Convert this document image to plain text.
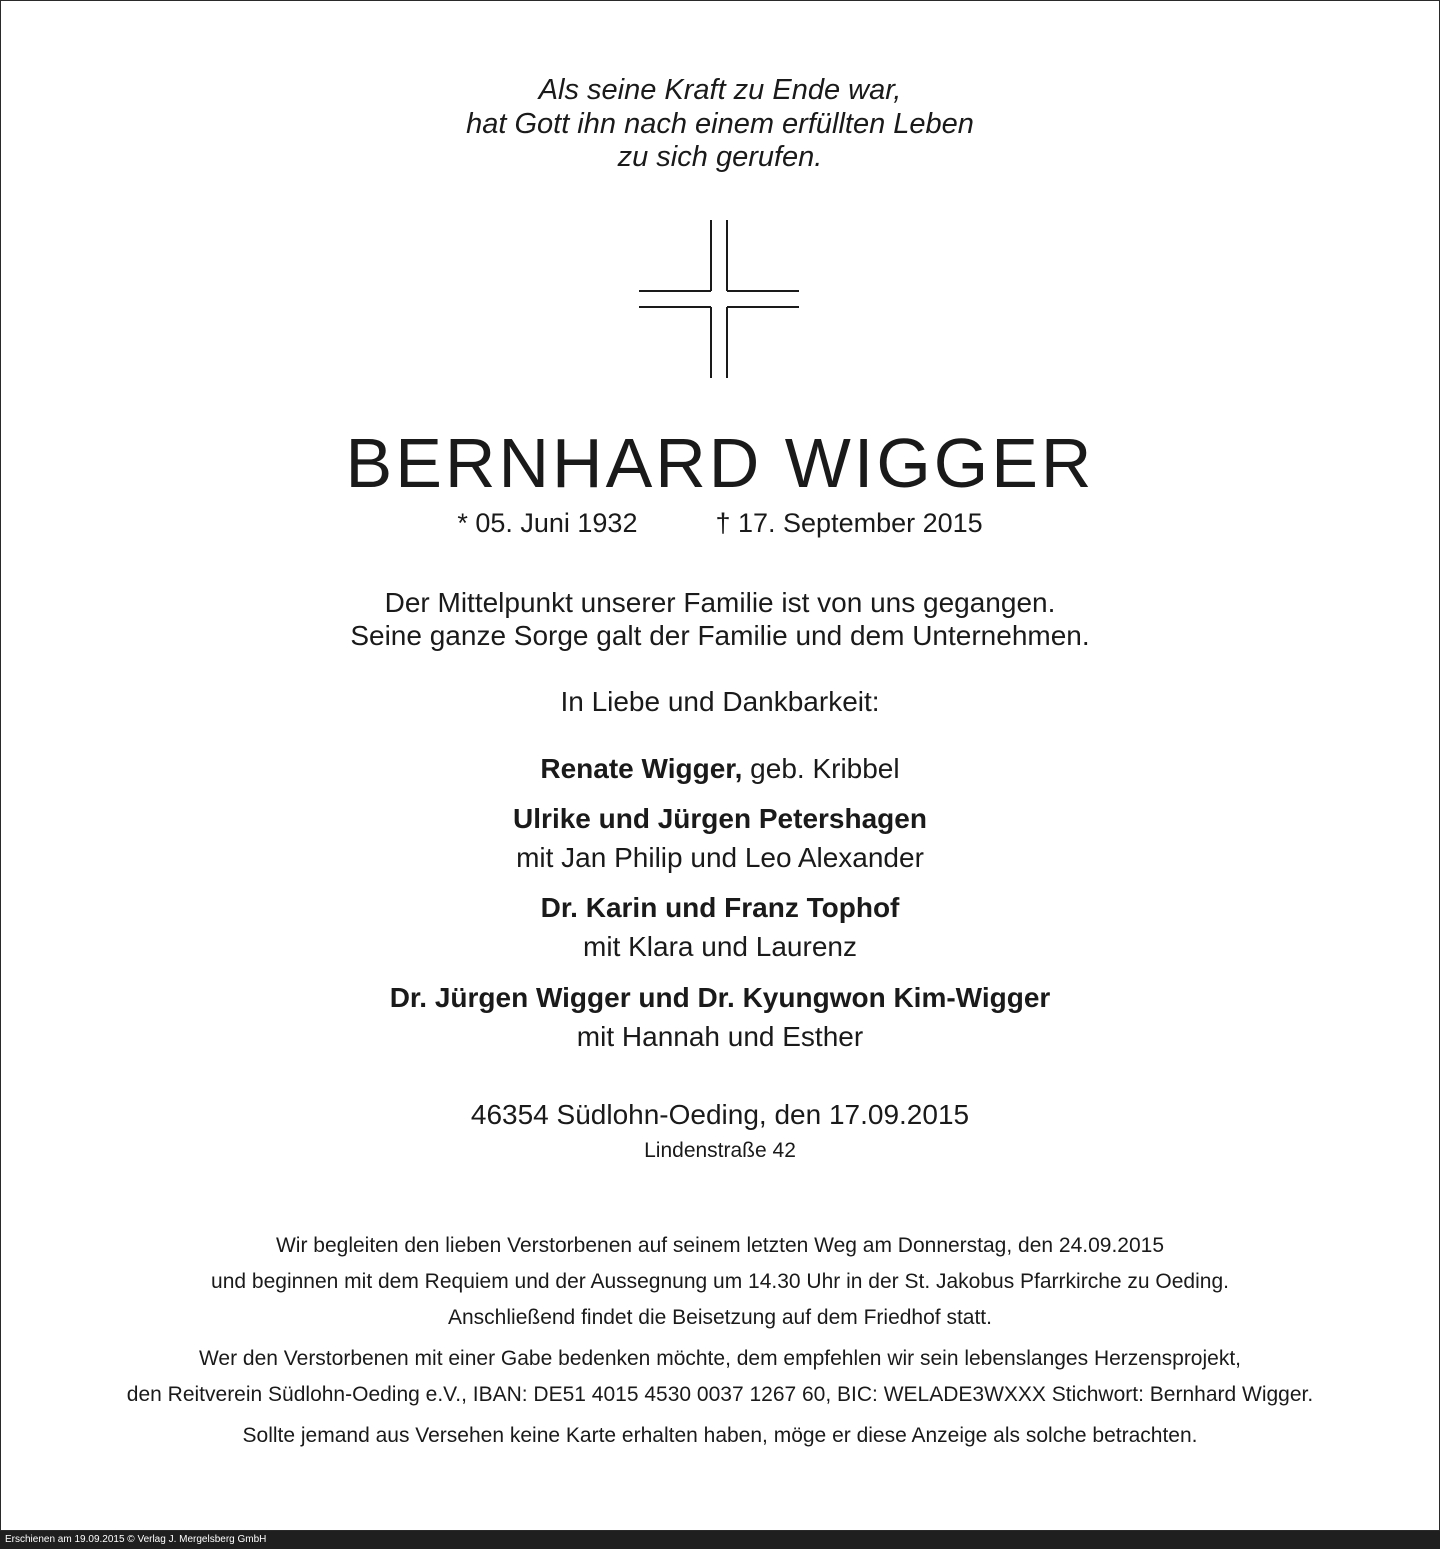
Als seine Kraft zu Ende war,
hat Gott ihn nach einem erfüllten Leben
zu sich gerufen.
BERNHARD WIGGER
* 05. Juni 1932	† 17. September 2015
Der Mittelpunkt unserer Familie ist von uns gegangen.
Seine ganze Sorge galt der Familie und dem Unternehmen.
In Liebe und Dankbarkeit:
Renate Wigger, geb. Kribbel
Ulrike und Jürgen Petershagen
mit Jan Philip und Leo Alexander
Dr. Karin und Franz Tophof
mit Klara und Laurenz
Dr. Jürgen Wigger und Dr. Kyungwon Kim-Wigger
mit Hannah und Esther
46354 Südlohn-Oeding, den 17.09.2015
Lindenstraße 42
Wir begleiten den lieben Verstorbenen auf seinem letzten Weg am Donnerstag, den 24.09.2015
und beginnen mit dem Requiem und der Aussegnung um 14.30 Uhr in der St. Jakobus Pfarrkirche zu Oeding.
Anschließend findet die Beisetzung auf dem Friedhof statt.
Wer den Verstorbenen mit einer Gabe bedenken möchte, dem empfehlen wir sein lebenslanges Herzensprojekt,
den Reitverein Südlohn-Oeding e.V., IBAN: DE51 4015 4530 0037 1267 60, BIC: WELADE3WXXX Stichwort: Bernhard Wigger.
Sollte jemand aus Versehen keine Karte erhalten haben, möge er diese Anzeige als solche betrachten.
Erschienen am 19.09.2015 © Verlag J. Mergelsberg GmbH
